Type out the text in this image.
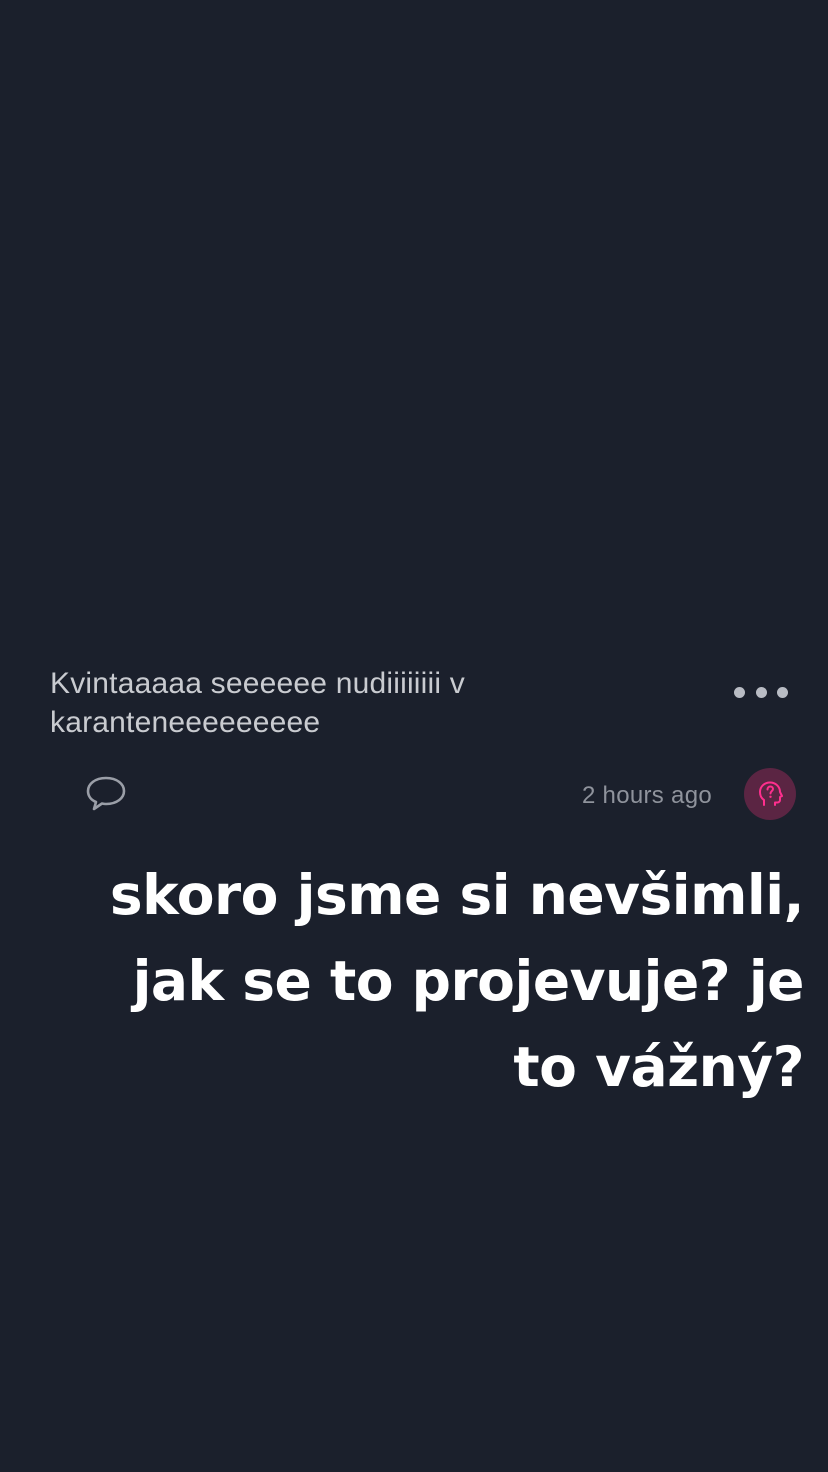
Kvintaaaaa seeeeee nudiiiiiiii v karanteneeeeeeeee
2 hours ago
skoro jsme si nevšimli, jak se to projevuje? je to vážný?
